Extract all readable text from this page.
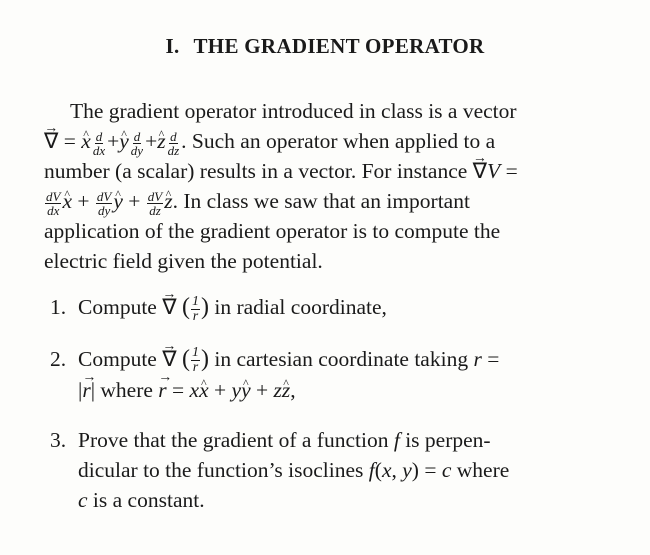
I. THE GRADIENT OPERATOR
The gradient operator introduced in class is a vector
→ ∇ = ^ x $\frac{d}{dx}$ +^ y $\frac{d}{dy}$ +^ z $\frac{d}{dz}$ . Such an operator when applied to a
number (a scalar) results in a vector. For instance → ∇V =
$\frac{dV}{dx}$ ^ $x + \frac{dV}{dy}$ ^ $y + \frac{dV}{dz}$ ^ z. In class we saw that an important
application of the gradient operator is to compute the
electric field given the potential.
1. Compute → ∇ ( $\frac{1}{r}$ ) in radial coordinate,
2. Compute → ∇ ( $\frac{1}{r}$ ) in cartesian coordinate taking r =
|→ r| where → r = x^ x + y^ y + z^ z,
3. Prove that the gradient of a function f is perpen-
dicular to the function’s isoclines f(x, y) = c where
c is a constant.
